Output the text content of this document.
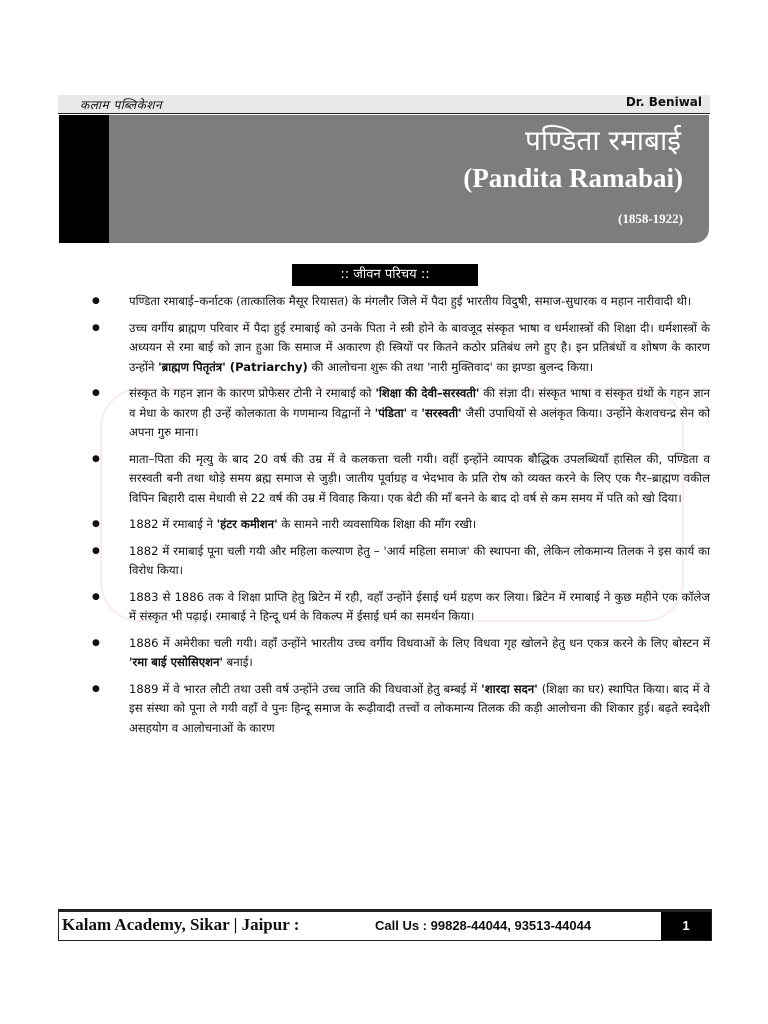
कलाम पब्लिकेशन	Dr. Beniwal
पण्डिता रमाबाई
(Pandita Ramabai)
(1858-1922)
:: जीवन परिचय ::
● पण्डिता रमाबाई–कर्नाटक (तात्कालिक मैसूर रियासत) के मंगलौर जिले में पैदा हुई भारतीय विदुषी, समाज-सुधारक व महान नारीवादी थी।
● उच्च वर्गीय ब्राह्मण परिवार में पैदा हुई रमाबाई को उनके पिता ने स्त्री होने के बावजूद संस्कृत भाषा व धर्मशास्त्रों की शिक्षा दी। धर्मशास्त्रों के अध्ययन से रमा बाई को ज्ञान हुआ कि समाज में अकारण ही स्त्रियों पर कितने कठोर प्रतिबंध लगे हुए है। इन प्रतिबंधों व शोषण के कारण उन्होंने 'ब्राह्मण पितृतंत्र' (Patriarchy) की आलोचना शुरू की तथा 'नारी मुक्तिवाद' का झण्डा बुलन्द किया।
● संस्कृत के गहन ज्ञान के कारण प्रोफेसर टोनी ने रमाबाई को 'शिक्षा की देवी–सरस्वती' की संज्ञा दी। संस्कृत भाषा व संस्कृत ग्रंथों के गहन ज्ञान व मेधा के कारण ही उन्हें कोलकाता के गणमान्य विद्वानों ने 'पंडिता' व 'सरस्वती' जैसी उपाधियों से अलंकृत किया। उन्होंने केशवचन्द्र सेन को अपना गुरु माना।
● माता–पिता की मृत्यु के बाद 20 वर्ष की उम्र में वे कलकत्ता चली गयी। वहीं इन्होंने व्यापक बौद्धिक उपलब्धियाँ हासिल की, पण्डिता व सरस्वती बनी तथा थोड़े समय ब्रह्म समाज से जुड़ी। जातीय पूर्वाग्रह व भेदभाव के प्रति रोष को व्यक्त करने के लिए एक गैर–ब्राह्मण वकील विपिन बिहारी दास मेधावी से 22 वर्ष की उम्र में विवाह किया। एक बेटी की माँ बनने के बाद दो वर्ष से कम समय में पति को खो दिया।
● 1882 में रमाबाई ने 'हंटर कमीशन' के सामने नारी व्यवसायिक शिक्षा की माँग रखी।
● 1882 में रमाबाई पूना चली गयी और महिला कल्याण हेतु – 'आर्य महिला समाज' की स्थापना की, लेकिन लोकमान्य तिलक ने इस कार्य का विरोध किया।
● 1883 से 1886 तक वे शिक्षा प्राप्ति हेतु ब्रिटेन में रही, वहाँ उन्होंने ईसाई धर्म ग्रहण कर लिया। ब्रिटेन में रमाबाई ने कुछ महीने एक कॉलेज में संस्कृत भी पढ़ाई। रमाबाई ने हिन्दू धर्म के विकल्प में ईसाई धर्म का समर्थन किया।
● 1886 में अमेरीका चली गयी। वहाँ उन्होंने भारतीय उच्च वर्गीय विधवाओं के लिए विधवा गृह खोलने हेतु धन एकत्र करने के लिए बोस्टन में 'रमा बाई एसोसिएशन' बनाई।
● 1889 में वे भारत लौटी तथा उसी वर्ष उन्होंने उच्च जाति की विधवाओं हेतु बम्बई में 'शारदा सदन' (शिक्षा का घर) स्थापित किया। बाद में वे इस संस्था को पूना ले गयी वहाँ वे पुनः हिन्दू समाज के रूढ़ीवादी तत्त्वों व लोकमान्य तिलक की कड़ी आलोचना की शिकार हुई। बढ़ते स्वदेशी असहयोग व आलोचनाओं के कारण
Kalam Academy, Sikar | Jaipur :	Call Us : 99828-44044, 93513-44044	1
